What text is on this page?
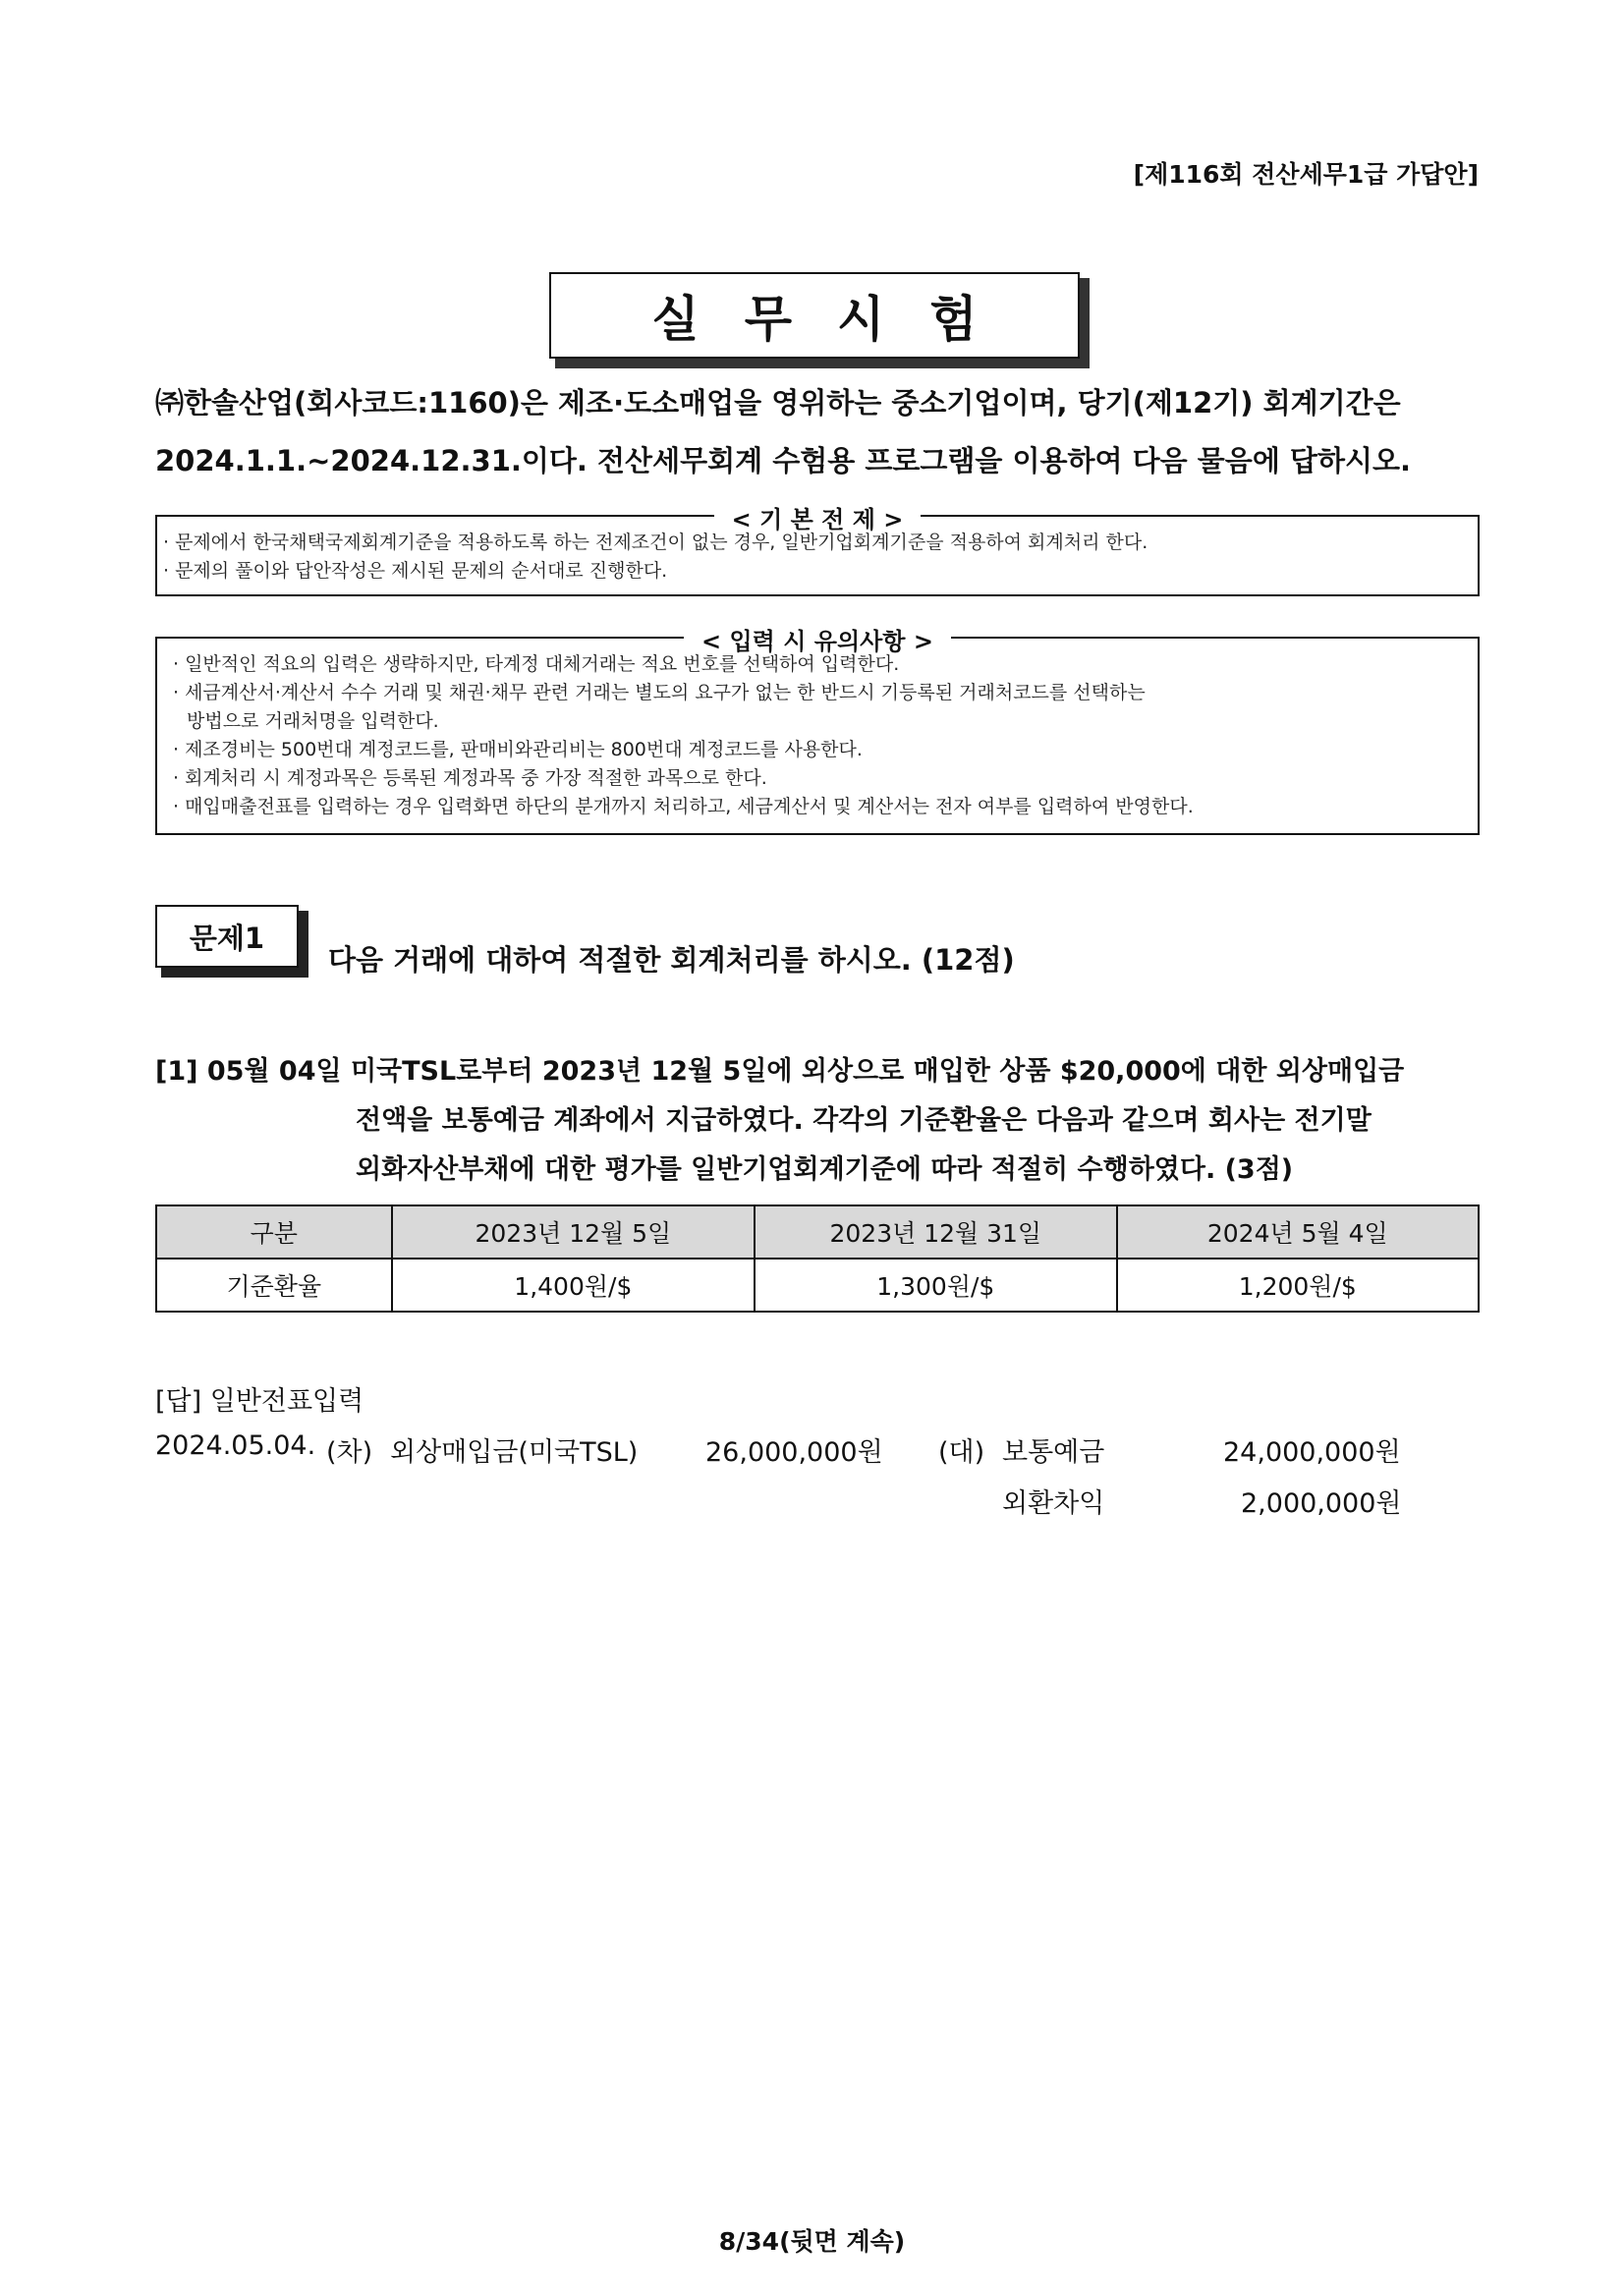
[제116회 전산세무1급 가답안]
실무시험
㈜한솔산업(회사코드:1160)은 제조·도소매업을 영위하는 중소기업이며, 당기(제12기) 회계기간은
2024.1.1.~2024.12.31.이다. 전산세무회계 수험용 프로그램을 이용하여 다음 물음에 답하시오.
< 기 본 전 제 >
· 문제에서 한국채택국제회계기준을 적용하도록 하는 전제조건이 없는 경우, 일반기업회계기준을 적용하여 회계처리 한다.
· 문제의 풀이와 답안작성은 제시된 문제의 순서대로 진행한다.
< 입력 시 유의사항 >
· 일반적인 적요의 입력은 생략하지만, 타계정 대체거래는 적요 번호를 선택하여 입력한다.
· 세금계산서·계산서 수수 거래 및 채권·채무 관련 거래는 별도의 요구가 없는 한 반드시 기등록된 거래처코드를 선택하는
방법으로 거래처명을 입력한다.
· 제조경비는 500번대 계정코드를, 판매비와관리비는 800번대 계정코드를 사용한다.
· 회계처리 시 계정과목은 등록된 계정과목 중 가장 적절한 과목으로 한다.
· 매입매출전표를 입력하는 경우 입력화면 하단의 분개까지 처리하고, 세금계산서 및 계산서는 전자 여부를 입력하여 반영한다.
문제1
다음 거래에 대하여 적절한 회계처리를 하시오. (12점)
[1] 05월 04일 미국TSL로부터 2023년 12월 5일에 외상으로 매입한 상품 $20,000에 대한 외상매입금
전액을 보통예금 계좌에서 지급하였다. 각각의 기준환율은 다음과 같으며 회사는 전기말
외화자산부채에 대한 평가를 일반기업회계기준에 따라 적절히 수행하였다. (3점)
구분	2023년 12월 5일	2023년 12월 31일	2024년 5월 4일
기준환율	1,400원/$	1,300원/$	1,200원/$
[답] 일반전표입력
2024.05.04. (차) 외상매입금(미국TSL)	26,000,000원 (대) 보통예금	24,000,000원
외환차익	2,000,000원
8/34(뒷면 계속)
